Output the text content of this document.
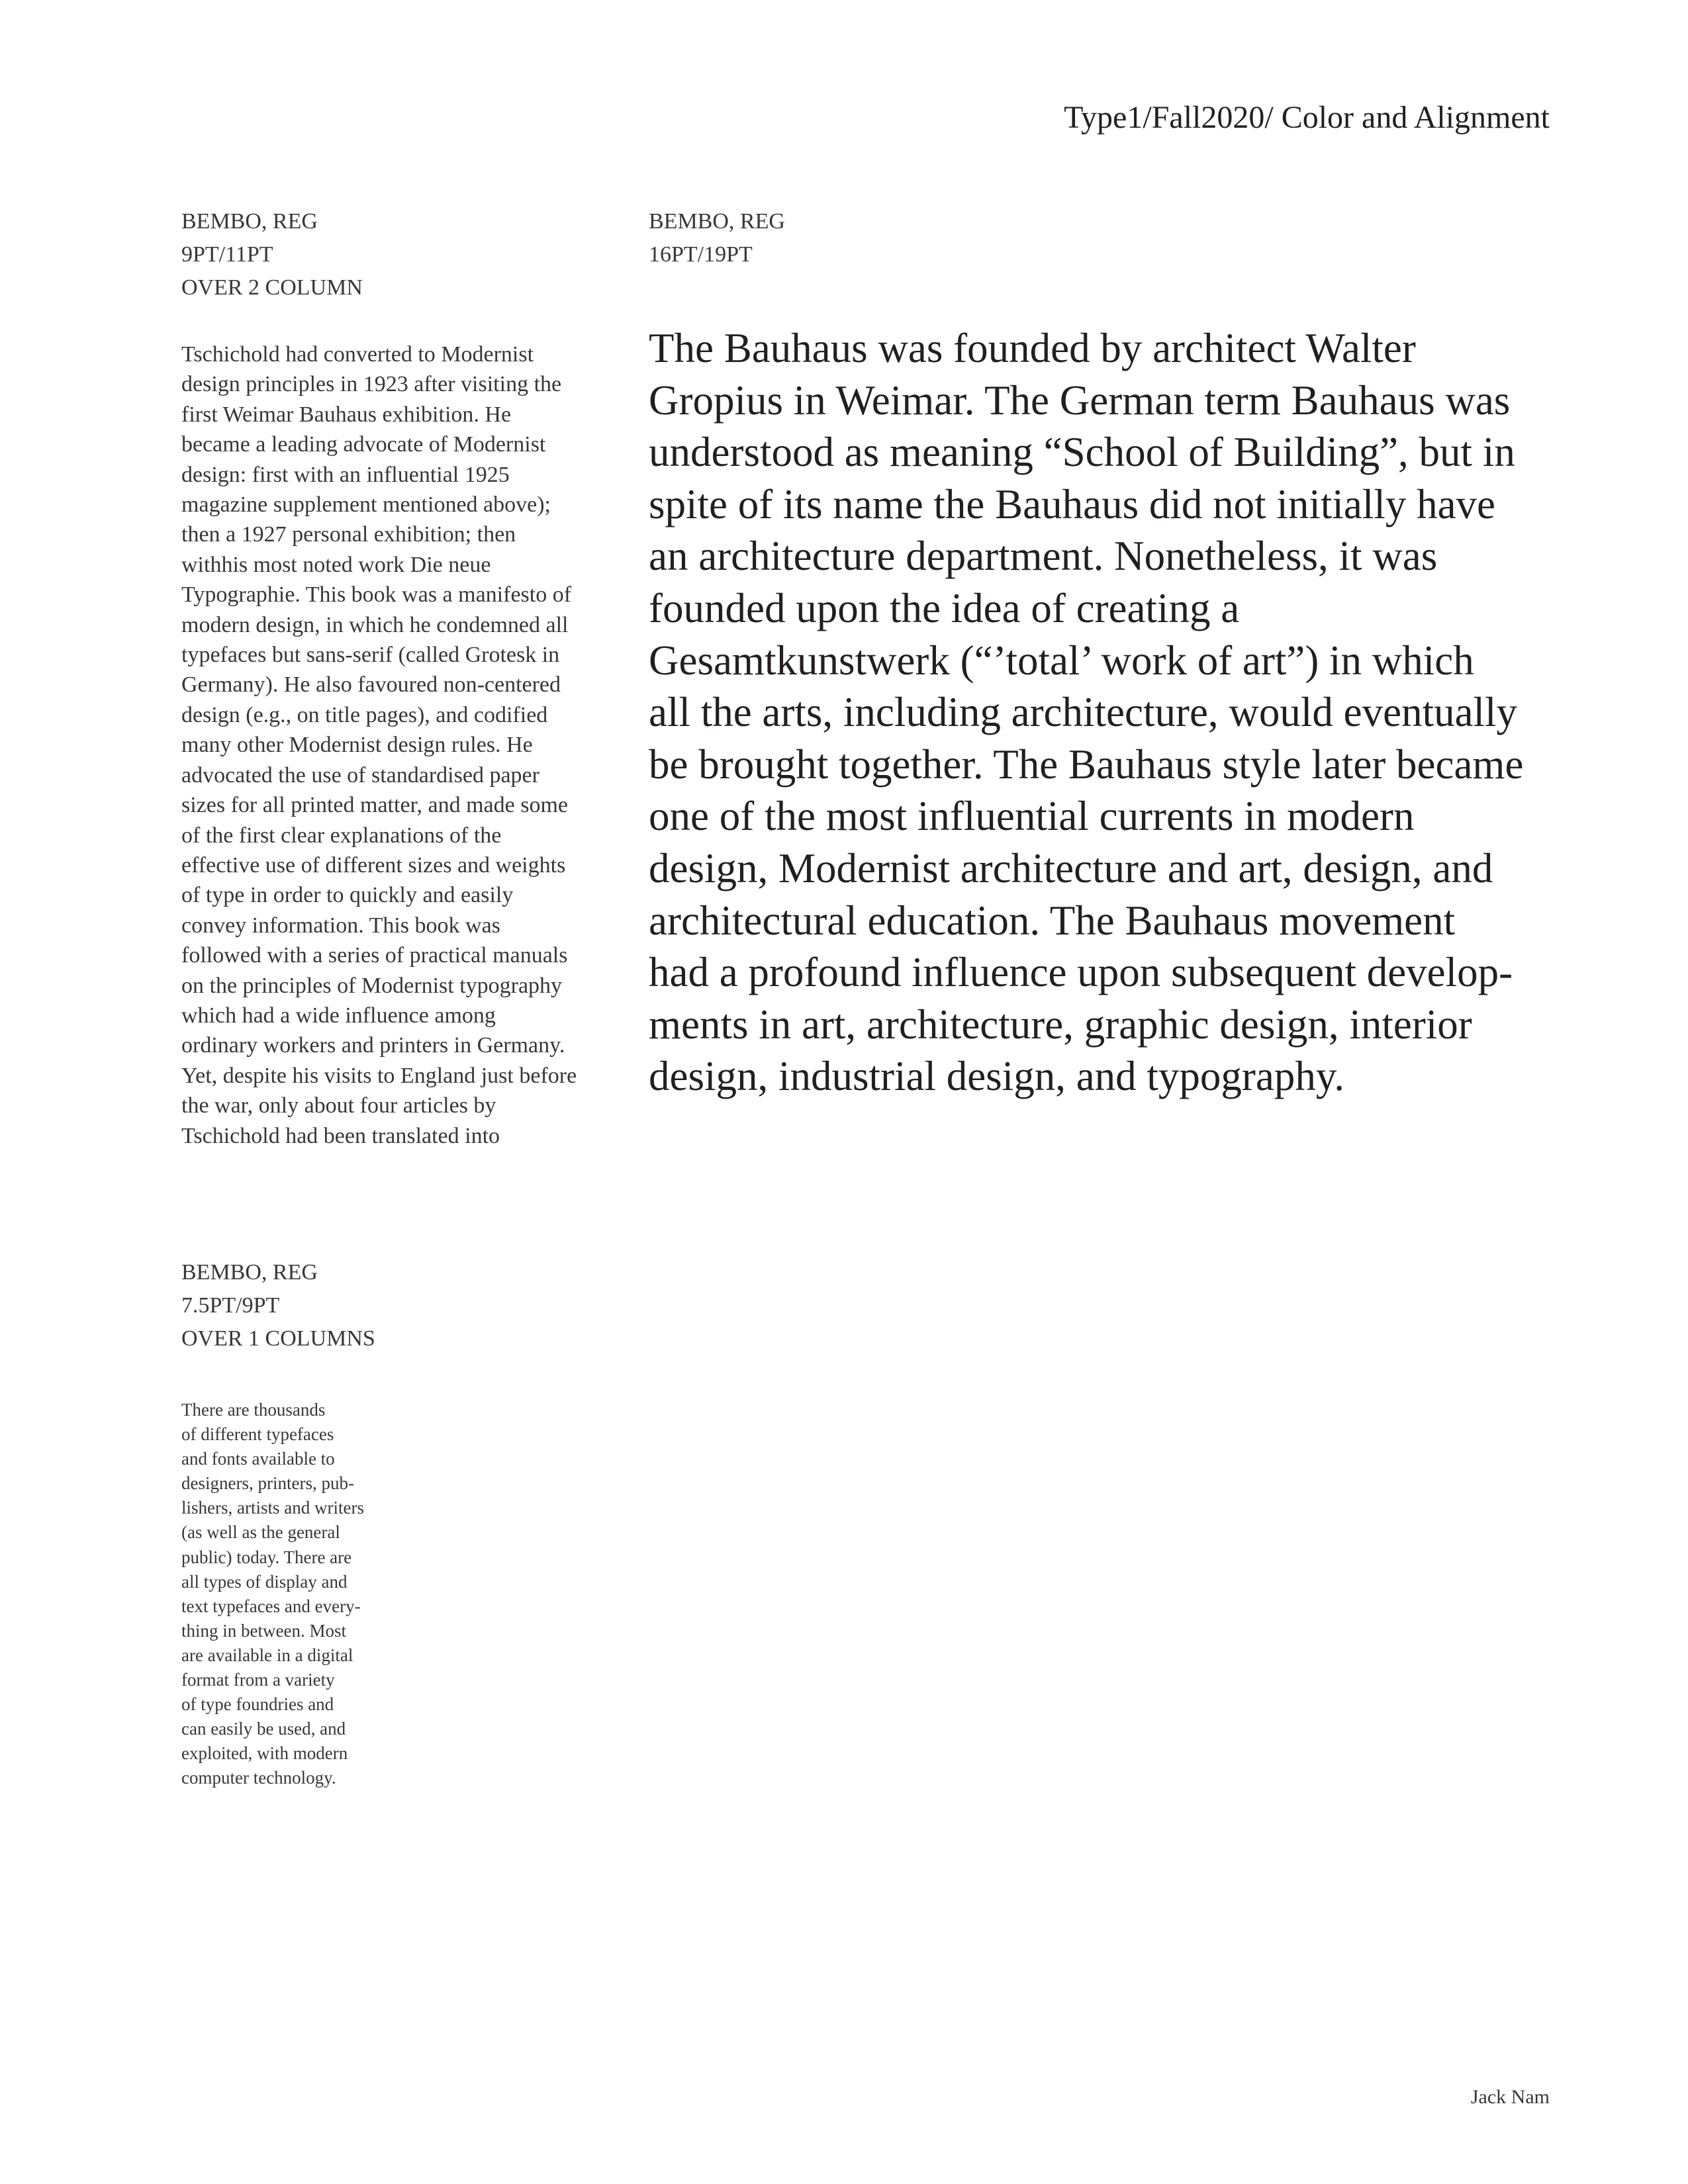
Type1/Fall2020/ Color and Alignment
BEMBO, REG
9PT/11PT
OVER 2 COLUMN
BEMBO, REG
16PT/19PT
Tschichold had converted to Modernist
design principles in 1923 after visiting the
first Weimar Bauhaus exhibition. He
became a leading advocate of Modernist
design: first with an influential 1925
magazine supplement mentioned above);
then a 1927 personal exhibition; then
withhis most noted work Die neue
Typographie. This book was a manifesto of
modern design, in which he condemned all
typefaces but sans-serif (called Grotesk in
Germany). He also favoured non-centered
design (e.g., on title pages), and codified
many other Modernist design rules. He
advocated the use of standardised paper
sizes for all printed matter, and made some
of the first clear explanations of the
effective use of different sizes and weights
of type in order to quickly and easily
convey information. This book was
followed with a series of practical manuals
on the principles of Modernist typography
which had a wide influence among
ordinary workers and printers in Germany.
Yet, despite his visits to England just before
the war, only about four articles by
Tschichold had been translated into
The Bauhaus was founded by architect Walter
Gropius in Weimar. The German term Bauhaus was
understood as meaning “School of Building”, but in
spite of its name the Bauhaus did not initially have
an architecture department. Nonetheless, it was
founded upon the idea of creating a
Gesamtkunstwerk (“’total’ work of art”) in which
all the arts, including architecture, would eventually
be brought together. The Bauhaus style later became
one of the most influential currents in modern
design, Modernist architecture and art, design, and
architectural education. The Bauhaus movement
had a profound influence upon subsequent develop-
ments in art, architecture, graphic design, interior
design, industrial design, and typography.
BEMBO, REG
7.5PT/9PT
OVER 1 COLUMNS
There are thousands
of different typefaces
and fonts available to
designers, printers, pub-
lishers, artists and writers
(as well as the general
public) today. There are
all types of display and
text typefaces and every-
thing in between. Most
are available in a digital
format from a variety
of type foundries and
can easily be used, and
exploited, with modern
computer technology.
Jack Nam
